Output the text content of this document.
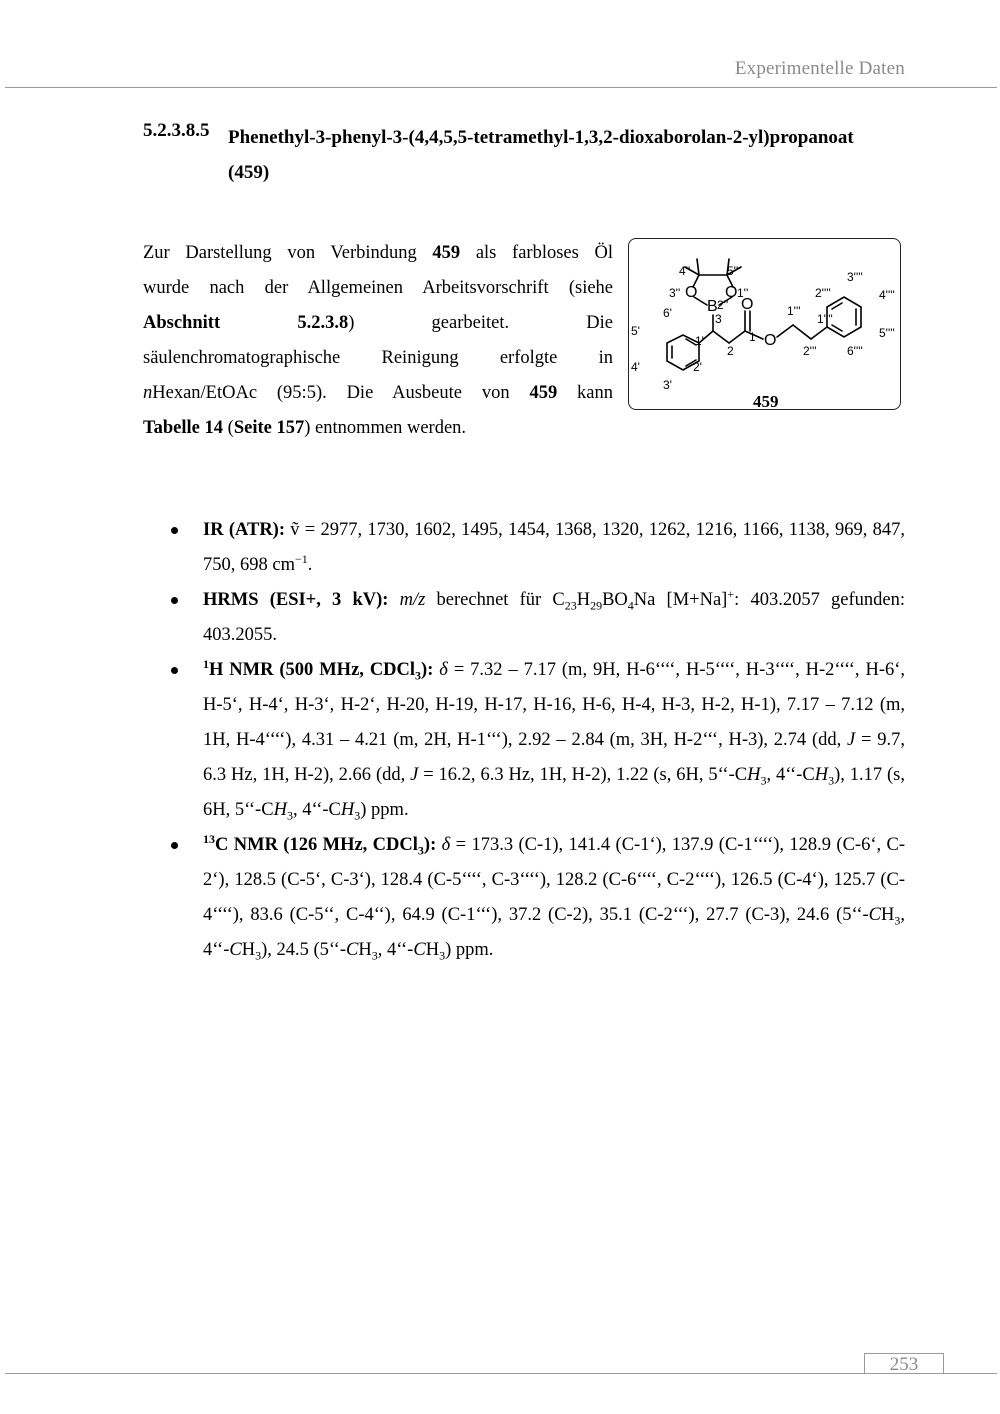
Experimentelle Daten
5.2.3.8.5 Phenethyl-3-phenyl-3-(4,4,5,5-tetramethyl-1,3,2-dioxaborolan-2-yl)propanoat
(459)
Zur Darstellung von Verbindung 459 als farbloses Öl
wurde nach der Allgemeinen Arbeitsvorschrift (siehe
Abschnitt	5.2.3.8) gearbeitet. Die
säulenchromatographische Reinigung erfolgte in
nHexan/EtOAc (95:5). Die Ausbeute von 459 kann
Tabelle 14 (Seite 157) entnommen werden.
O O
B O
O
4''	5''
3''	1''
2''
6'	3
5'
1'	1
2
4'	2'
3'
1'''
2''''
1''''
2'''
3''''
4''''
5''''
6''''
459
IR (ATR): ṽ = 2977, 1730, 1602, 1495, 1454, 1368, 1320, 1262, 1216, 1166, 1138, 969, 847, 750, 698 $cm^{-1}$.
HRMS (ESI+, 3 kV): m/z berechnet für $C_{23}H_{29}BO_4Na$ [M+Na]+: 403.2057 gefunden: 403.2055.
$^1$H NMR (500 MHz, CDCl$_3$): δ = 7.32 – 7.17 (m, 9H, H-6‘‘‘‘, H-5‘‘‘‘, H-3‘‘‘‘, H-2‘‘‘‘, H-6‘, H-5‘, H-4‘, H-3‘, H-2‘, H-20, H-19, H-17, H-16, H-6, H-4, H-3, H-2, H-1), 7.17 – 7.12 (m, 1H, H-4‘‘‘‘), 4.31 – 4.21 (m, 2H, H-1‘‘‘), 2.92 – 2.84 (m, 3H, H-2‘‘‘, H-3), 2.74 (dd, J = 9.7, 6.3 Hz, 1H, H-2), 2.66 (dd, J = 16.2, 6.3 Hz, 1H, H-2), 1.22 (s, 6H, $5‘‘-CH_3$, $4‘‘-CH_3$), 1.17 (s, 6H, $5‘‘-CH_3$, $4‘‘-CH_3$) ppm.
$^{13}$C NMR (126 MHz, CDCl$_3$): δ = 173.3 (C-1), 141.4 (C-1‘), 137.9 (C-1‘‘‘‘), 128.9 (C-6‘, C-2‘), 128.5 (C-5‘, C-3‘), 128.4 (C-5‘‘‘‘, C-3‘‘‘‘), 128.2 (C-6‘‘‘‘, C-2‘‘‘‘), 126.5 (C-4‘), 125.7 (C-4‘‘‘‘), 83.6 (C-5‘‘, C-4‘‘), 64.9 (C-1‘‘‘), 37.2 (C-2), 35.1 (C-2‘‘‘), 27.7 (C-3), 24.6 ($5‘‘-CH_3$, $4‘‘-CH_3$), 24.5 ($5‘‘-CH_3$, $4‘‘-CH_3$) ppm.
253
